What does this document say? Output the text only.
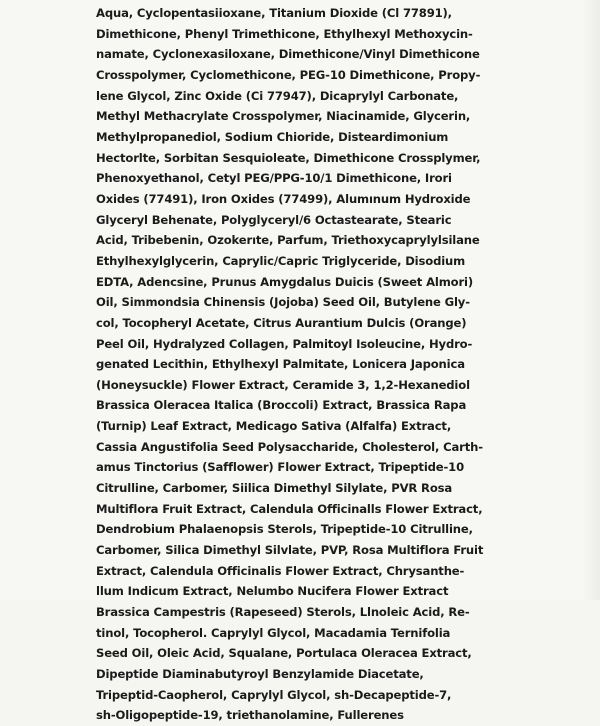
Aqua, Cyclopentasiioxane, Titanium Dioxide (Cl 77891),
Dimethicone, Phenyl Trimethicone, Ethylhexyl Methoxycin-
namate, Cyclonexasiloxane, Dimethicone/Vinyl Dimethicone
Crosspolymer, Cyclomethicone, PEG-10 Dimethicone, Propy-
lene Glycol, Zinc Oxide (Ci 77947), Dicaprylyl Carbonate,
Methyl Methacrylate Crosspolymer, Niacinamide, Glycerin,
Methylpropanediol, Sodium Chioride, Disteardimonium
Hectorlte, Sorbitan Sesquioleate, Dimethicone Crossplymer,
Phenoxyethanol, Cetyl PEG/PPG-10/1 Dimethicone, Irori
Oxides (77491), Iron Oxides (77499), Alumınum Hydroxide
Glyceryl Behenate, Polyglyceryl/6 Octastearate, Stearic
Acid, Tribebenin, Ozokerıte, Parfum, Triethoxycaprylylsilane
Ethylhexylglycerin, Caprylic/Capric Triglyceride, Disodium
EDTA, Adencsine, Prunus Amygdalus Duicis (Sweet Almori)
Oil, Simmondsia Chinensis (Jojoba) Seed Oil, Butylene Gly-
col, Tocopheryl Acetate, Citrus Aurantium Dulcis (Orange)
Peel Oil, Hydralyzed Collagen, Palmitoyl Isoleucine, Hydro-
genated Lecithin, Ethylhexyl Palmitate, Lonicera Japonica
(Honeysuckle) Flower Extract, Ceramide 3, 1,2-Hexanediol
Brassica Oleracea Italica (Broccoli) Extract, Brassica Rapa
(Turnip) Leaf Extract, Medicago Sativa (Alfalfa) Extract,
Cassia Angustifolia Seed Polysaccharide, Cholesterol, Carth-
amus Tinctorius (Safflower) Flower Extract, Tripeptide-10
Citrulline, Carbomer, Siilica Dimethyl Silylate, PVR Rosa
Multiflora Fruit Extract, Calendula Officinalls Flower Extract,
Dendrobium Phalaenopsis Sterols, Tripeptide-10 Citrulline,
Carbomer, Silica Dimethyl Silvlate, PVP, Rosa Multiflora Fruit
Extract, Calendula Officinalis Flower Extract, Chrysanthe-
llum Indicum Extract, Nelumbo Nucifera Flower Extract
Brassica Campestris (Rapeseed) Sterols, Llnoleic Acid, Re-
tinol, Tocopherol. Caprylyl Glycol, Macadamia Ternifolia
Seed Oil, Oleic Acid, Squalane, Portulaca Oleracea Extract,
Dipeptide Diaminabutyroyl Benzylamide Diacetate,
Tripeptid-Caopherol, Caprylyl Glycol, sh-Decapeptide-7,
sh-Oligopeptide-19, triethanolamine, Fullerenes
